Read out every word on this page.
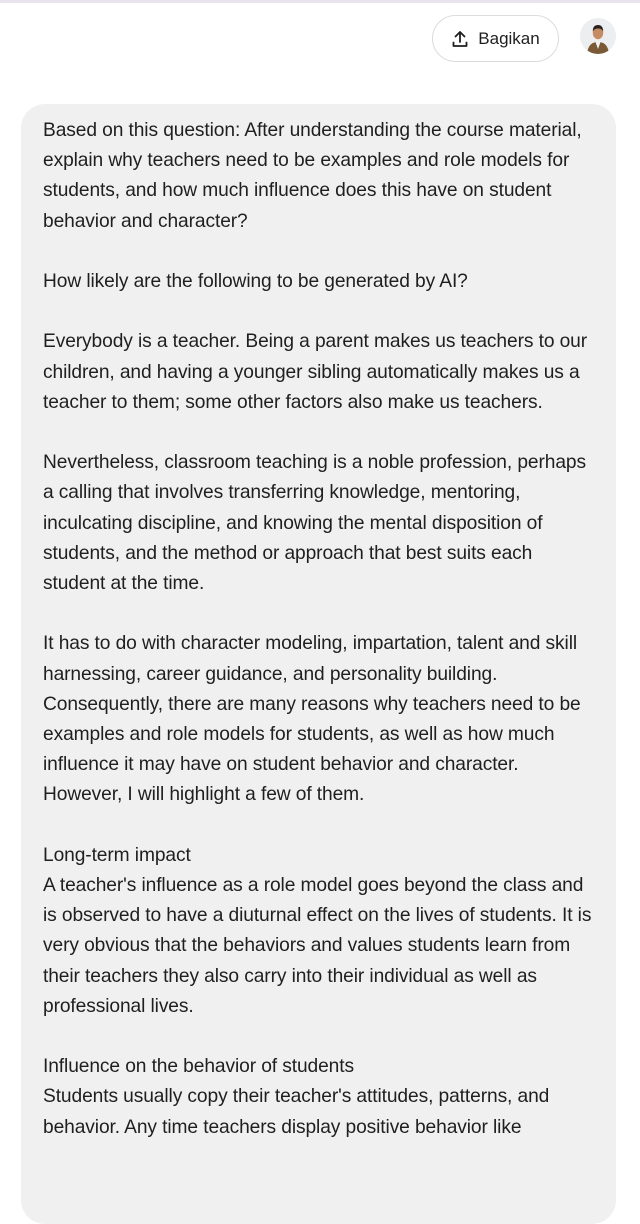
Bagikan

Based on this question: After understanding the course material, explain why teachers need to be examples and role models for students, and how much influence does this have on student behavior and character?

How likely are the following to be generated by AI?

Everybody is a teacher. Being a parent makes us teachers to our children, and having a younger sibling automatically makes us a teacher to them; some other factors also make us teachers.

Nevertheless, classroom teaching is a noble profession, perhaps a calling that involves transferring knowledge, mentoring, inculcating discipline, and knowing the mental disposition of students, and the method or approach that best suits each student at the time.

It has to do with character modeling, impartation, talent and skill harnessing, career guidance, and personality building. Consequently, there are many reasons why teachers need to be examples and role models for students, as well as how much influence it may have on student behavior and character. However, I will highlight a few of them.

Long-term impact
A teacher's influence as a role model goes beyond the class and is observed to have a diuturnal effect on the lives of students. It is very obvious that the behaviors and values students learn from their teachers they also carry into their individual as well as professional lives.

Influence on the behavior of students
Students usually copy their teacher's attitudes, patterns, and behavior. Any time teachers display positive behavior like
